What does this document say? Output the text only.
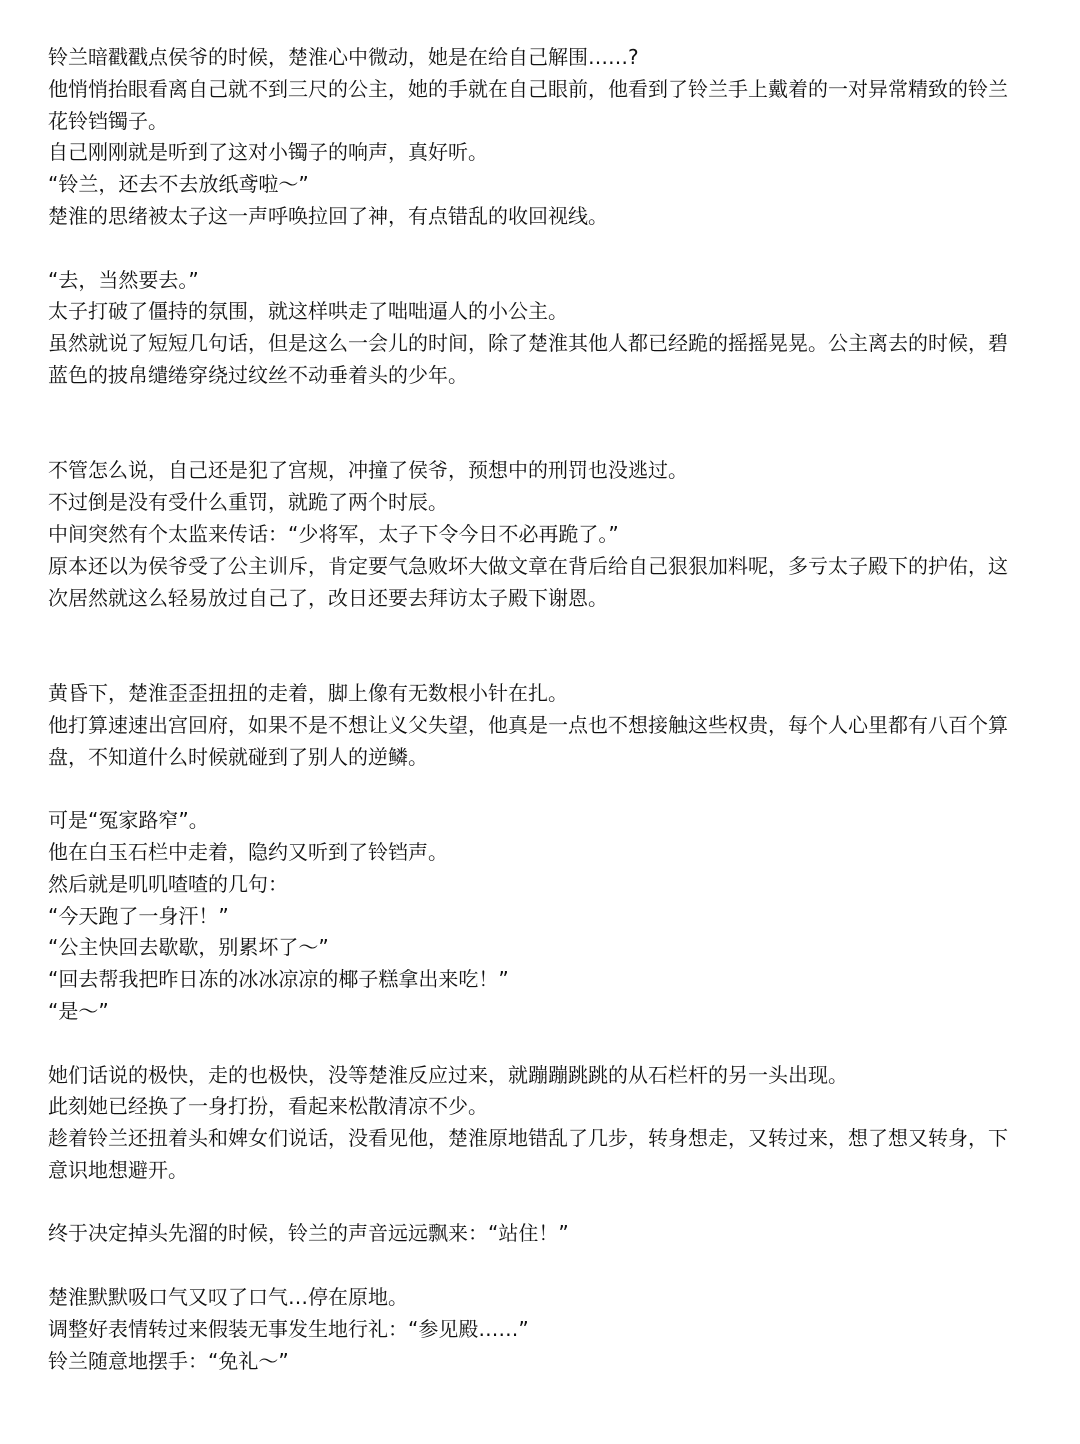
铃兰暗戳戳点侯爷的时候，楚淮心中微动，她是在给自己解围……?
他悄悄抬眼看离自己就不到三尺的公主，她的手就在自己眼前，他看到了铃兰手上戴着的一对异常精致的铃兰花铃铛镯子。
自己刚刚就是听到了这对小镯子的响声，真好听。
“铃兰，还去不去放纸鸢啦～”
楚淮的思绪被太子这一声呼唤拉回了神，有点错乱的收回视线。
“去，当然要去。”
太子打破了僵持的氛围，就这样哄走了咄咄逼人的小公主。
虽然就说了短短几句话，但是这么一会儿的时间，除了楚淮其他人都已经跪的摇摇晃晃。公主离去的时候，碧蓝色的披帛缱绻穿绕过纹丝不动垂着头的少年。
不管怎么说，自己还是犯了宫规，冲撞了侯爷，预想中的刑罚也没逃过。
不过倒是没有受什么重罚，就跪了两个时辰。
中间突然有个太监来传话：“少将军，太子下令今日不必再跪了。”
原本还以为侯爷受了公主训斥，肯定要气急败坏大做文章在背后给自己狠狠加料呢，多亏太子殿下的护佑，这次居然就这么轻易放过自己了，改日还要去拜访太子殿下谢恩。
黄昏下，楚淮歪歪扭扭的走着，脚上像有无数根小针在扎。
他打算速速出宫回府，如果不是不想让义父失望，他真是一点也不想接触这些权贵，每个人心里都有八百个算盘，不知道什么时候就碰到了别人的逆鳞。
可是“冤家路窄”。
他在白玉石栏中走着，隐约又听到了铃铛声。
然后就是叽叽喳喳的几句：
“今天跑了一身汗！”
“公主快回去歇歇，别累坏了～”
“回去帮我把昨日冻的冰冰凉凉的椰子糕拿出来吃！”
“是～”
她们话说的极快，走的也极快，没等楚淮反应过来，就蹦蹦跳跳的从石栏杆的另一头出现。
此刻她已经换了一身打扮，看起来松散清凉不少。
趁着铃兰还扭着头和婢女们说话，没看见他，楚淮原地错乱了几步，转身想走，又转过来，想了想又转身，下意识地想避开。
终于决定掉头先溜的时候，铃兰的声音远远飘来：“站住！”
楚淮默默吸口气又叹了口气…停在原地。
调整好表情转过来假装无事发生地行礼：“参见殿……”
铃兰随意地摆手：“免礼～”
